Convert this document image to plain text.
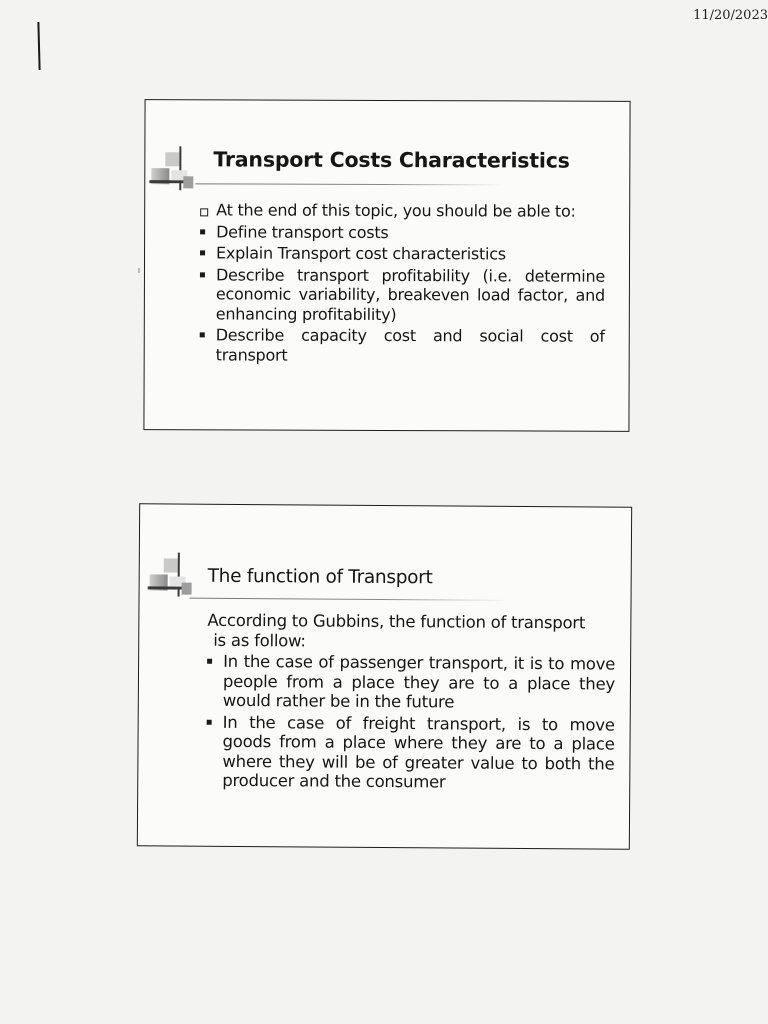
11/20/2023
Transport Costs Characteristics
At the end of this topic, you should be able to:
Define transport costs
Explain Transport cost characteristics
Describe transport profitability (i.e. determine economic variability, breakeven load factor, and enhancing profitability)
Describe capacity cost and social cost of transport
The function of Transport
According to Gubbins, the function of transport
is as follow:
In the case of passenger transport, it is to move people from a place they are to a place they would rather be in the future
In the case of freight transport, is to move goods from a place where they are to a place where they will be of greater value to both the producer and the consumer
